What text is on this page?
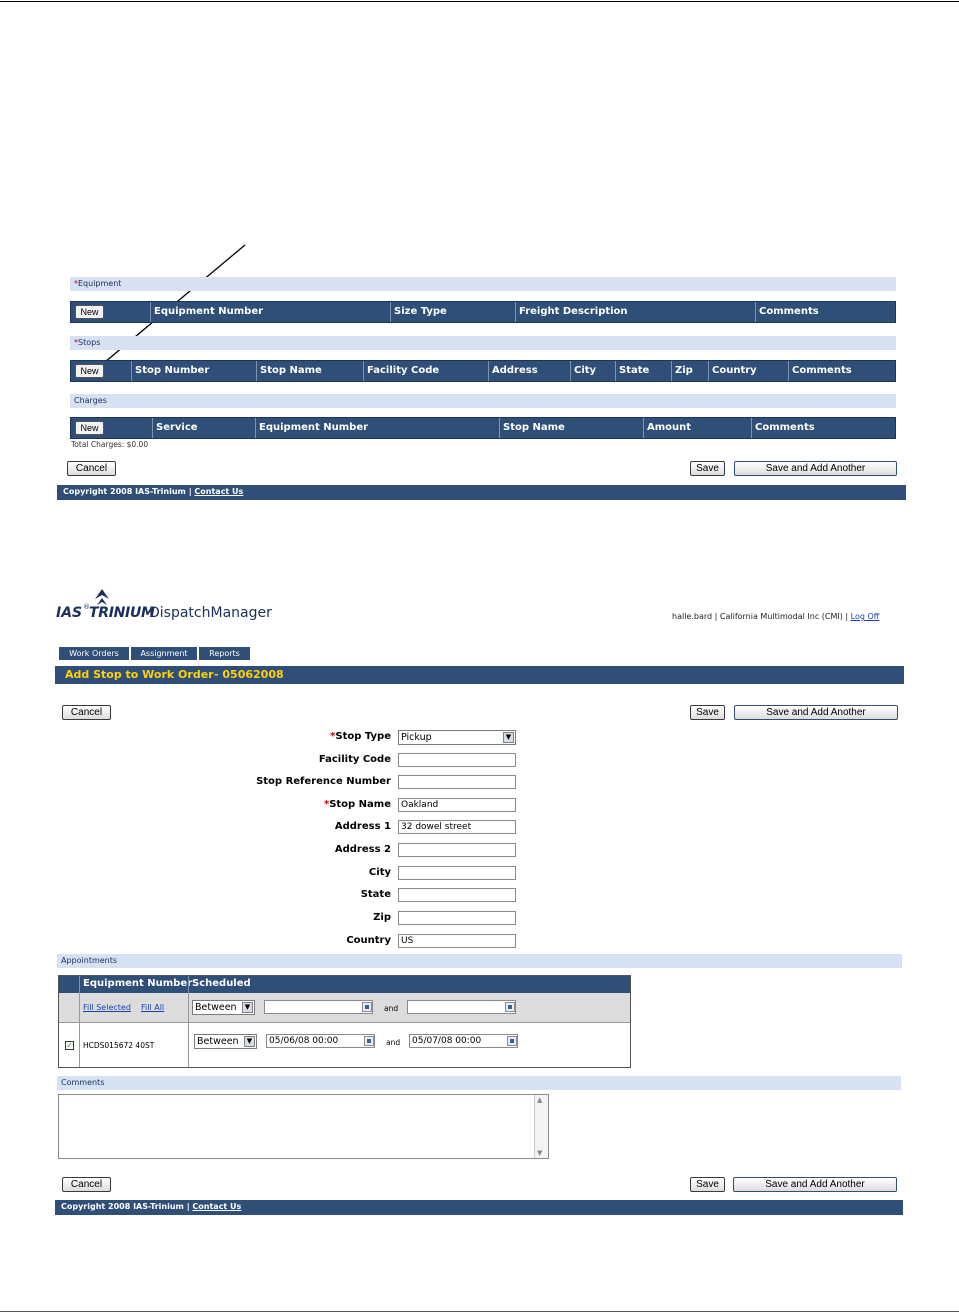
*Equipment
New	Equipment Number	Size Type	Freight Description	Comments
*Stops
New	Stop Number	Stop Name	Facility Code	Address	City	State	Zip	Country	Comments
Charges
New	Service	Equipment Number	Stop Name	Amount	Comments
Total Charges: $0.00
Cancel	Save	Save and Add Another
Copyright 2008 IAS-Trinium | Contact Us
IAS ® TRINIUM
DispatchManager	halle.bard | California Multimodal Inc (CMI) | Log Off
Work Orders	Assignment	Reports
Add Stop to Work Order - 05062008
Cancel	Save	Save and Add Another
*Stop Type	Pickup	▼
Facility Code
Stop Reference Number
*Stop Name	Oakland
Address 1	32 dowel street
Address 2
City
State
Zip
Country	US
Appointments
Equipment Number Scheduled
Fill Selected Fill All	Between	▼	and
✓ HCDS015672 40ST	Between	▼	05/06/08 00:00	and	05/07/08 00:00
Comments
▲
▼
Cancel	Save	Save and Add Another
Copyright 2008 IAS-Trinium | Contact Us
